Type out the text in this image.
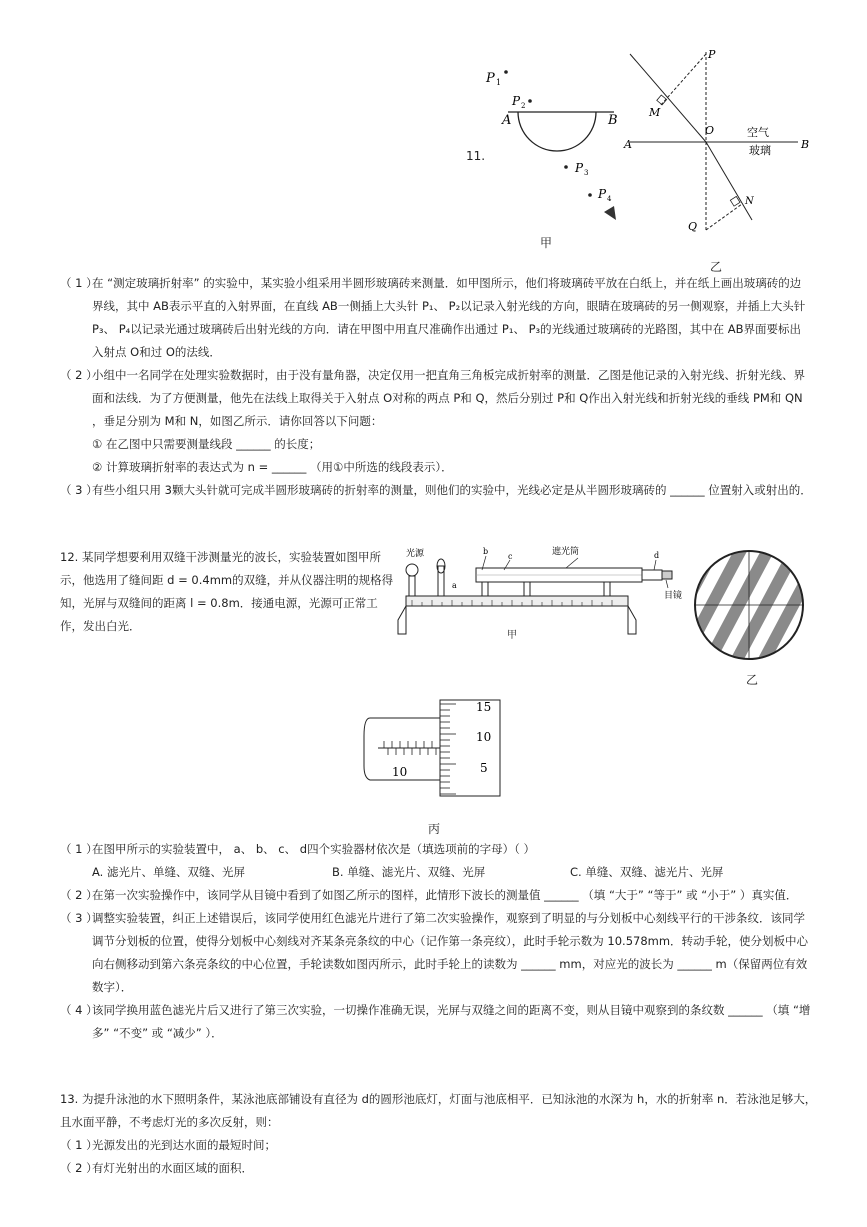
11.
P 1
P 2
A	B
P 3
P 4
甲
P
M
O
A	B
空气
玻璃
N
Q
乙
（ 1 ）
在 “测定玻璃折射率” 的实验中，某实验小组采用半圆形玻璃砖来测量．如甲图所示，他们将玻璃砖平放在白纸上，并在纸上画出玻璃砖的边
界线，其中 AB表示平直的入射界面，在直线 AB一侧插上大头针 P₁、 P₂以记录入射光线的方向，眼睛在玻璃砖的另一侧观察，并插上大头针
P₃、 P₄以记录光通过玻璃砖后出射光线的方向．请在甲图中用直尺准确作出通过 P₁、 P₃的光线通过玻璃砖的光路图，其中在 AB界面要标出
入射点 O和过 O的法线．
（ 2 ）
小组中一名同学在处理实验数据时，由于没有量角器，决定仅用一把直角三角板完成折射率的测量．乙图是他记录的入射光线、折射光线、界
面和法线．为了方便测量，他先在法线上取得关于入射点 O对称的两点 P和 Q，然后分别过 P和 Q作出入射光线和折射光线的垂线 PM和 QN
，垂足分别为 M和 N，如图乙所示．请你回答以下问题：
① 在乙图中只需要测量线段 ______ 的长度；
② 计算玻璃折射率的表达式为 n = ______ （用①中所选的线段表示）．
（ 3 ）
有些小组只用 3颗大头针就可完成半圆形玻璃砖的折射率的测量，则他们的实验中，光线必定是从半圆形玻璃砖的 ______ 位置射入或射出的．
12. 某同学想要利用双缝干涉测量光的波长，实验装置如图甲所
示，他选用了缝间距 d = 0.4mm的双缝，并从仪器注明的规格得
知，光屏与双缝间的距离 l = 0.8m．接通电源，光源可正常工
作，发出白光．
光源	b
c	遮光筒	d
a
目镜
甲
乙
15
10
5
10
丙
（ 1 ）
在图甲所示的实验装置中， a、 b、 c、 d四个实验器材依次是（填选项前的字母）（ ）
A. 滤光片、单缝、双缝、光屏	B. 单缝、滤光片、双缝、光屏	C. 单缝、双缝、滤光片、光屏
（ 2 ）
在第一次实验操作中，该同学从目镜中看到了如图乙所示的图样，此情形下波长的测量值 ______ （填 “大于” “等于” 或 “小于” ）真实值．
（ 3 ）
调整实验装置，纠正上述错误后，该同学使用红色滤光片进行了第二次实验操作，观察到了明显的与分划板中心刻线平行的干涉条纹．该同学
调节分划板的位置，使得分划板中心刻线对齐某条亮条纹的中心（记作第一条亮纹），此时手轮示数为 10.578mm．转动手轮，使分划板中心
向右侧移动到第六条亮条纹的中心位置，手轮读数如图丙所示，此时手轮上的读数为 ______ mm，对应光的波长为 ______ m（保留两位有效
数字）．
（ 4 ）
该同学换用蓝色滤光片后又进行了第三次实验，一切操作准确无误，光屏与双缝之间的距离不变，则从目镜中观察到的条纹数 ______ （填 “增
多” “不变” 或 “减少” ）．
13. 为提升泳池的水下照明条件，某泳池底部铺设有直径为 d的圆形池底灯，灯面与池底相平．已知泳池的水深为 h，水的折射率 n．若泳池足够大，
且水面平静，不考虑灯光的多次反射，则：
（ 1 ）
光源发出的光到达水面的最短时间；
（ 2 ）
有灯光射出的水面区域的面积．
